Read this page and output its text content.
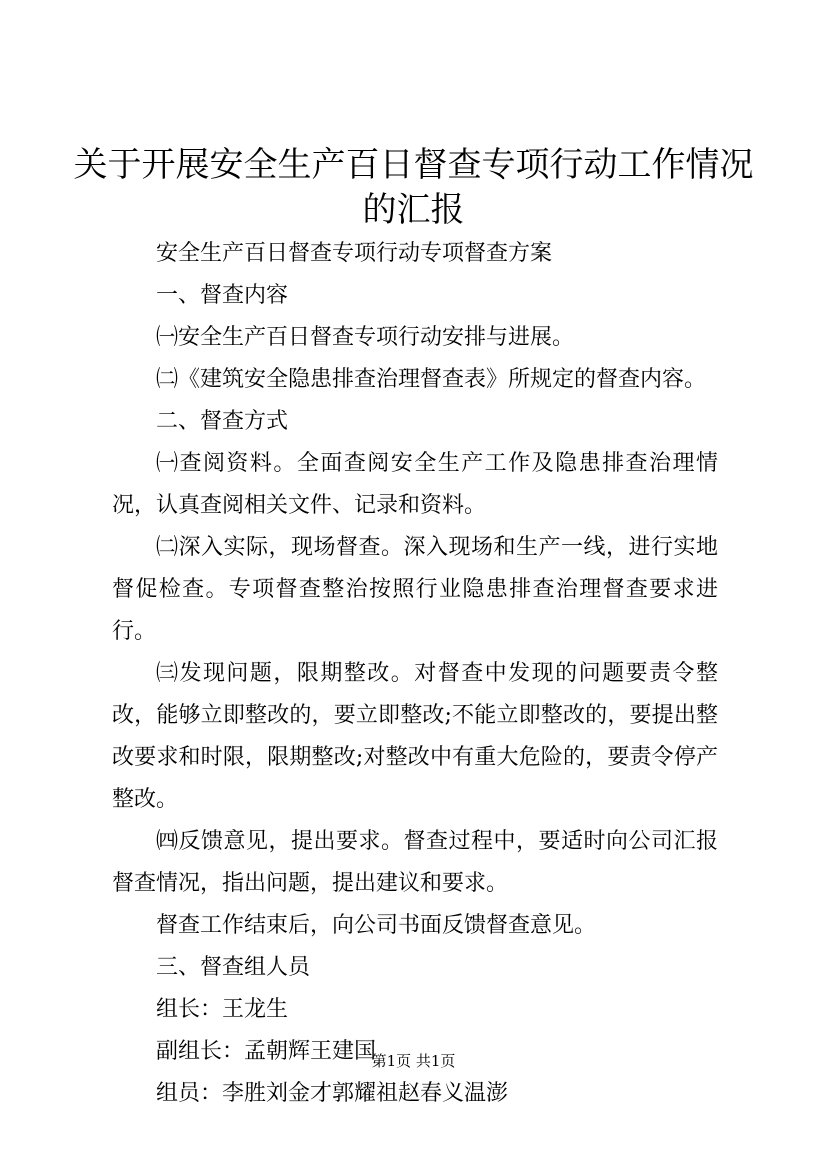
关于开展安全生产百日督查专项行动工作情况
的汇报

安全生产百日督查专项行动专项督查方案

一、督查内容

㈠安全生产百日督查专项行动安排与进展。

㈡《建筑安全隐患排查治理督查表》所规定的督查内容。

二、督查方式

㈠查阅资料。全面查阅安全生产工作及隐患排查治理情况，认真查阅相关文件、记录和资料。

㈡深入实际，现场督查。深入现场和生产一线，进行实地督促检查。专项督查整治按照行业隐患排查治理督查要求进行。

㈢发现问题，限期整改。对督查中发现的问题要责令整改，能够立即整改的，要立即整改;不能立即整改的，要提出整改要求和时限，限期整改;对整改中有重大危险的，要责令停产整改。

㈣反馈意见，提出要求。督查过程中，要适时向公司汇报督查情况，指出问题，提出建议和要求。

督查工作结束后，向公司书面反馈督查意见。

三、督查组人员

组长：王龙生

副组长：孟朝辉王建国

组员：李胜刘金才郭耀祖赵春义温澎

第1页 共1页
